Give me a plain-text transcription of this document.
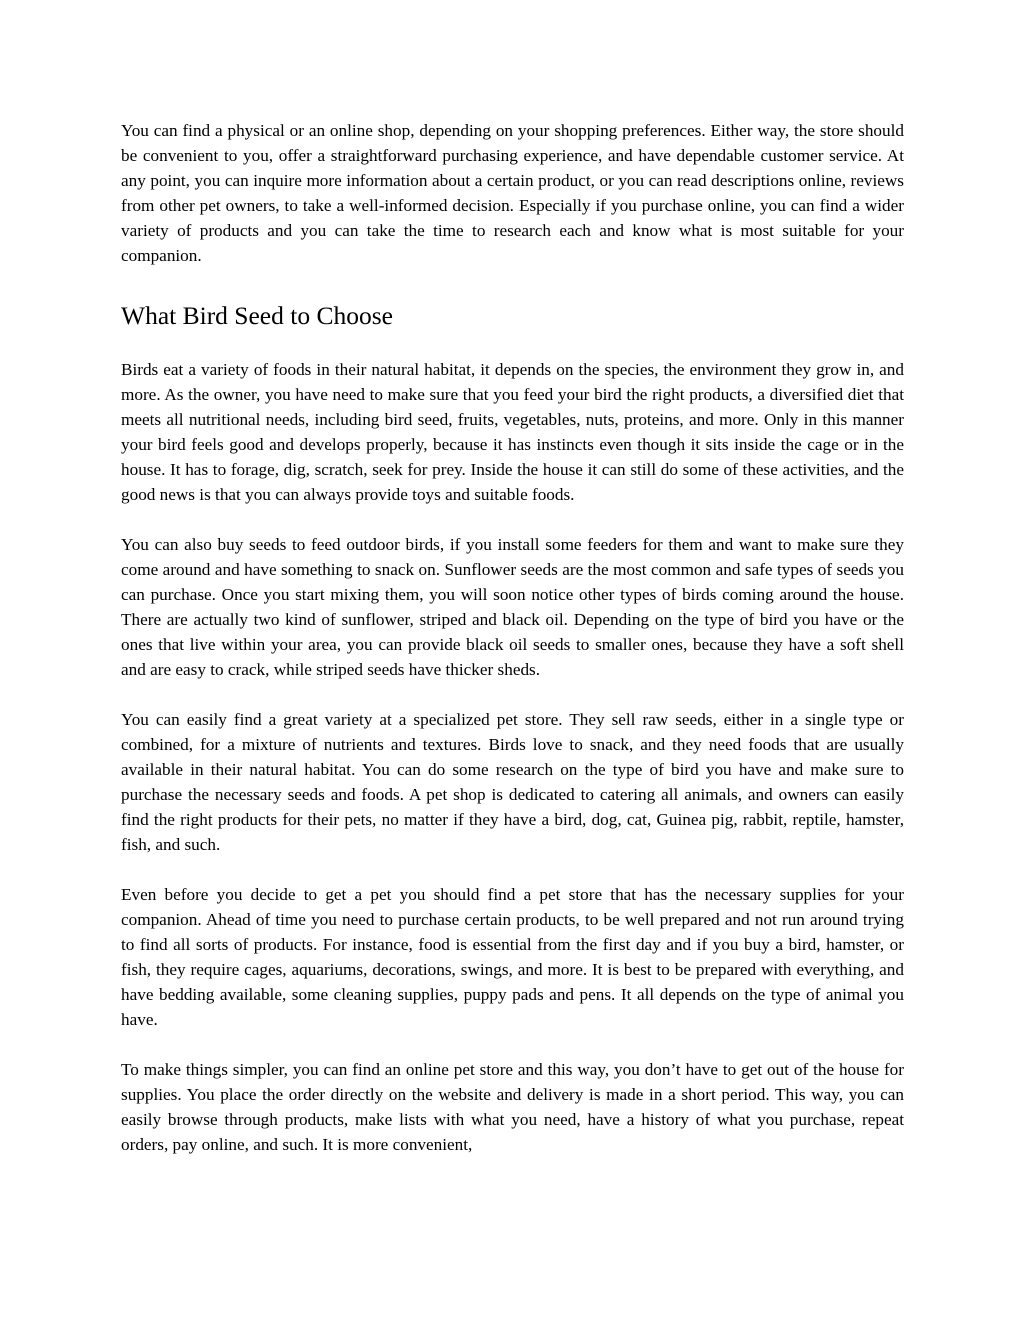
You can find a physical or an online shop, depending on your shopping preferences. Either way, the store should be convenient to you, offer a straightforward purchasing experience, and have dependable customer service. At any point, you can inquire more information about a certain product, or you can read descriptions online, reviews from other pet owners, to take a well-informed decision. Especially if you purchase online, you can find a wider variety of products and you can take the time to research each and know what is most suitable for your companion.

What Bird Seed to Choose

Birds eat a variety of foods in their natural habitat, it depends on the species, the environment they grow in, and more. As the owner, you have need to make sure that you feed your bird the right products, a diversified diet that meets all nutritional needs, including bird seed, fruits, vegetables, nuts, proteins, and more. Only in this manner your bird feels good and develops properly, because it has instincts even though it sits inside the cage or in the house. It has to forage, dig, scratch, seek for prey. Inside the house it can still do some of these activities, and the good news is that you can always provide toys and suitable foods.

You can also buy seeds to feed outdoor birds, if you install some feeders for them and want to make sure they come around and have something to snack on. Sunflower seeds are the most common and safe types of seeds you can purchase. Once you start mixing them, you will soon notice other types of birds coming around the house. There are actually two kind of sunflower, striped and black oil. Depending on the type of bird you have or the ones that live within your area, you can provide black oil seeds to smaller ones, because they have a soft shell and are easy to crack, while striped seeds have thicker sheds.

You can easily find a great variety at a specialized pet store. They sell raw seeds, either in a single type or combined, for a mixture of nutrients and textures. Birds love to snack, and they need foods that are usually available in their natural habitat. You can do some research on the type of bird you have and make sure to purchase the necessary seeds and foods. A pet shop is dedicated to catering all animals, and owners can easily find the right products for their pets, no matter if they have a bird, dog, cat, Guinea pig, rabbit, reptile, hamster, fish, and such.

Even before you decide to get a pet you should find a pet store that has the necessary supplies for your companion. Ahead of time you need to purchase certain products, to be well prepared and not run around trying to find all sorts of products. For instance, food is essential from the first day and if you buy a bird, hamster, or fish, they require cages, aquariums, decorations, swings, and more. It is best to be prepared with everything, and have bedding available, some cleaning supplies, puppy pads and pens. It all depends on the type of animal you have.

To make things simpler, you can find an online pet store and this way, you don’t have to get out of the house for supplies. You place the order directly on the website and delivery is made in a short period. This way, you can easily browse through products, make lists with what you need, have a history of what you purchase, repeat orders, pay online, and such. It is more convenient,
